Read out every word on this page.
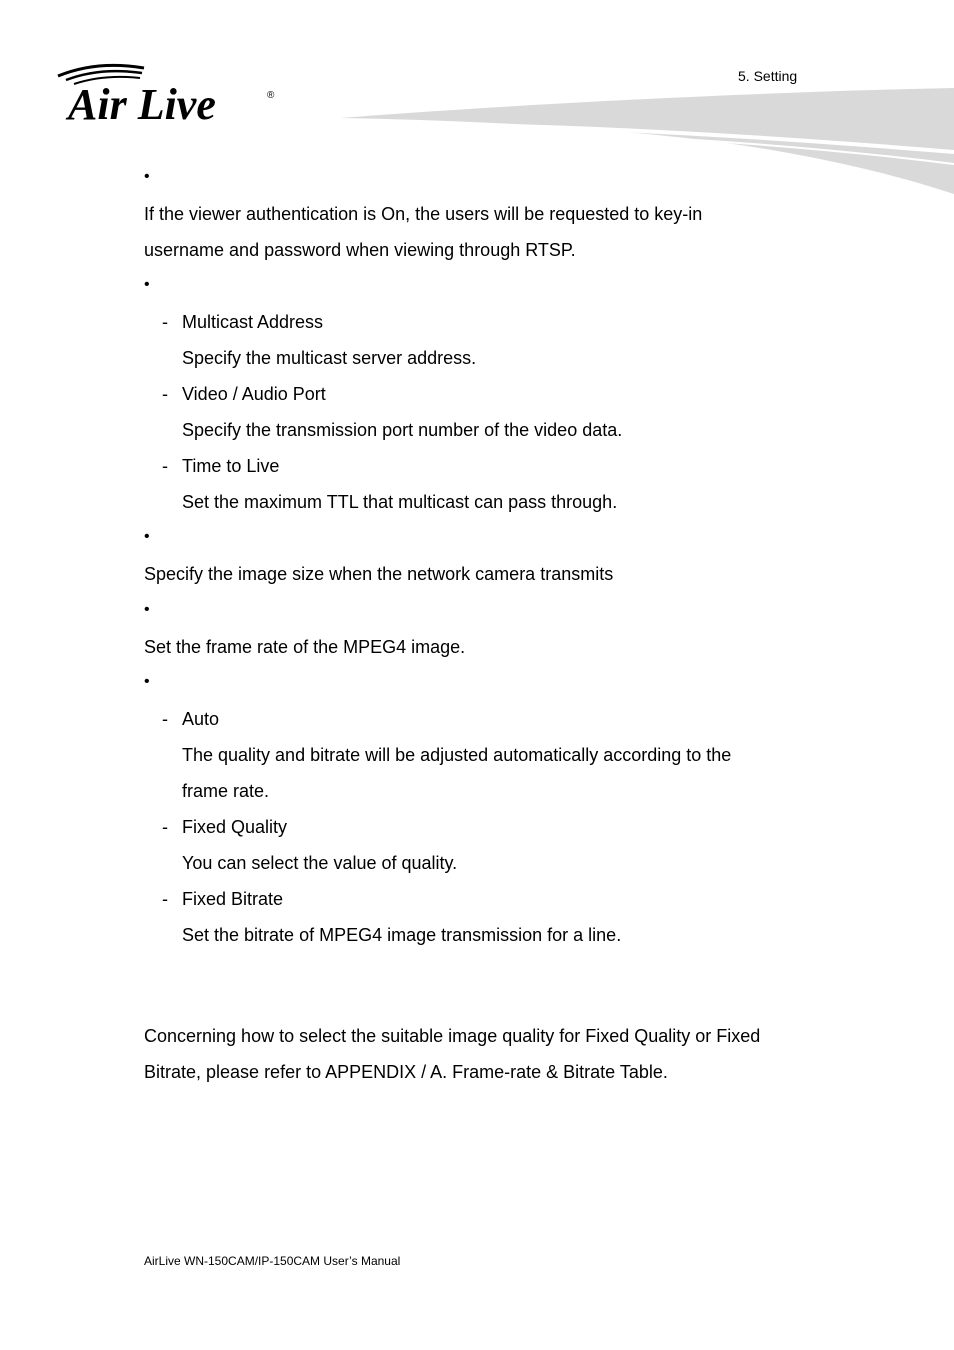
Air Live	®
5. Setting
•
If the viewer authentication is On, the users will be requested to key-in
username and password when viewing through RTSP.
•
- Multicast Address
Specify the multicast server address.
- Video / Audio Port
Specify the transmission port number of the video data.
- Time to Live
Set the maximum TTL that multicast can pass through.
•
Specify the image size when the network camera transmits
•
Set the frame rate of the MPEG4 image.
•
- Auto
The quality and bitrate will be adjusted automatically according to the
frame rate.
- Fixed Quality
You can select the value of quality.
- Fixed Bitrate
Set the bitrate of MPEG4 image transmission for a line.
Concerning how to select the suitable image quality for Fixed Quality or Fixed
Bitrate, please refer to APPENDIX / A. Frame-rate & Bitrate Table.
AirLive WN-150CAM/IP-150CAM User’s Manual
